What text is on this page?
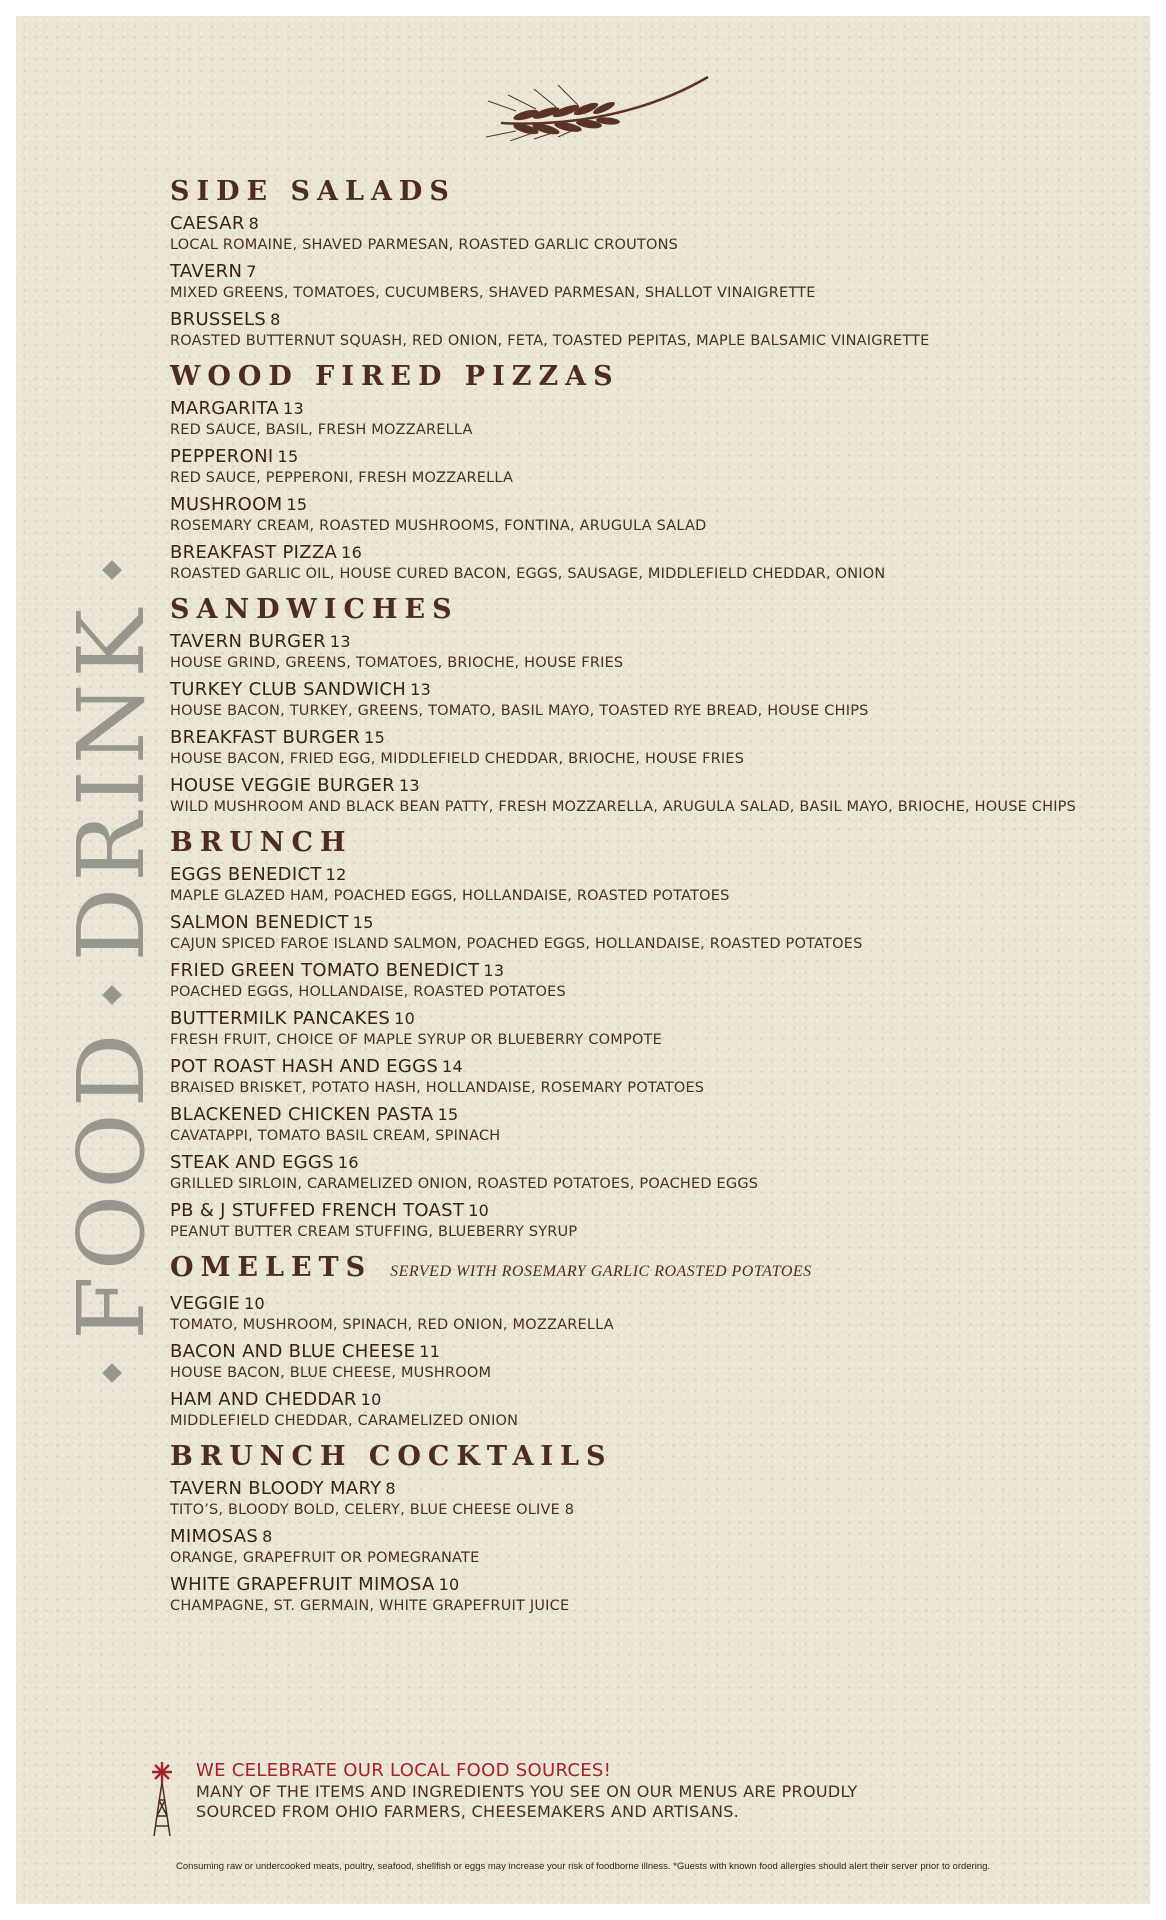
FOOD
DRINK
SIDE SALADS
CAESAR 8
LOCAL ROMAINE, SHAVED PARMESAN, ROASTED GARLIC CROUTONS
TAVERN 7
MIXED GREENS, TOMATOES, CUCUMBERS, SHAVED PARMESAN, SHALLOT VINAIGRETTE
BRUSSELS 8
ROASTED BUTTERNUT SQUASH, RED ONION, FETA, TOASTED PEPITAS, MAPLE BALSAMIC VINAIGRETTE
WOOD FIRED PIZZAS
MARGARITA 13
RED SAUCE, BASIL, FRESH MOZZARELLA
PEPPERONI 15
RED SAUCE, PEPPERONI, FRESH MOZZARELLA
MUSHROOM 15
ROSEMARY CREAM, ROASTED MUSHROOMS, FONTINA, ARUGULA SALAD
BREAKFAST PIZZA 16
ROASTED GARLIC OIL, HOUSE CURED BACON, EGGS, SAUSAGE, MIDDLEFIELD CHEDDAR, ONION
SANDWICHES
TAVERN BURGER 13
HOUSE GRIND, GREENS, TOMATOES, BRIOCHE, HOUSE FRIES
TURKEY CLUB SANDWICH 13
HOUSE BACON, TURKEY, GREENS, TOMATO, BASIL MAYO, TOASTED RYE BREAD, HOUSE CHIPS
BREAKFAST BURGER 15
HOUSE BACON, FRIED EGG, MIDDLEFIELD CHEDDAR, BRIOCHE, HOUSE FRIES
HOUSE VEGGIE BURGER 13
WILD MUSHROOM AND BLACK BEAN PATTY, FRESH MOZZARELLA, ARUGULA SALAD, BASIL MAYO, BRIOCHE, HOUSE CHIPS
BRUNCH
EGGS BENEDICT 12
MAPLE GLAZED HAM, POACHED EGGS, HOLLANDAISE, ROASTED POTATOES
SALMON BENEDICT 15
CAJUN SPICED FAROE ISLAND SALMON, POACHED EGGS, HOLLANDAISE, ROASTED POTATOES
FRIED GREEN TOMATO BENEDICT 13
POACHED EGGS, HOLLANDAISE, ROASTED POTATOES
BUTTERMILK PANCAKES 10
FRESH FRUIT, CHOICE OF MAPLE SYRUP OR BLUEBERRY COMPOTE
POT ROAST HASH AND EGGS 14
BRAISED BRISKET, POTATO HASH, HOLLANDAISE, ROSEMARY POTATOES
BLACKENED CHICKEN PASTA 15
CAVATAPPI, TOMATO BASIL CREAM, SPINACH
STEAK AND EGGS 16
GRILLED SIRLOIN, CARAMELIZED ONION, ROASTED POTATOES, POACHED EGGS
PB & J STUFFED FRENCH TOAST 10
PEANUT BUTTER CREAM STUFFING, BLUEBERRY SYRUP
OMELETS SERVED WITH ROSEMARY GARLIC ROASTED POTATOES
VEGGIE 10
TOMATO, MUSHROOM, SPINACH, RED ONION, MOZZARELLA
BACON AND BLUE CHEESE 11
HOUSE BACON, BLUE CHEESE, MUSHROOM
HAM AND CHEDDAR 10
MIDDLEFIELD CHEDDAR, CARAMELIZED ONION
BRUNCH COCKTAILS
TAVERN BLOODY MARY 8
TITO’S, BLOODY BOLD, CELERY, BLUE CHEESE OLIVE 8
MIMOSAS 8
ORANGE, GRAPEFRUIT OR POMEGRANATE
WHITE GRAPEFRUIT MIMOSA 10
CHAMPAGNE, ST. GERMAIN, WHITE GRAPEFRUIT JUICE
WE CELEBRATE OUR LOCAL FOOD SOURCES!
MANY OF THE ITEMS AND INGREDIENTS YOU SEE ON OUR MENUS ARE PROUDLY
SOURCED FROM OHIO FARMERS, CHEESEMAKERS AND ARTISANS.
Consuming raw or undercooked meats, poultry, seafood, shellfish or eggs may increase your risk of foodborne illness. *Guests with known food allergies should alert their server prior to ordering.
